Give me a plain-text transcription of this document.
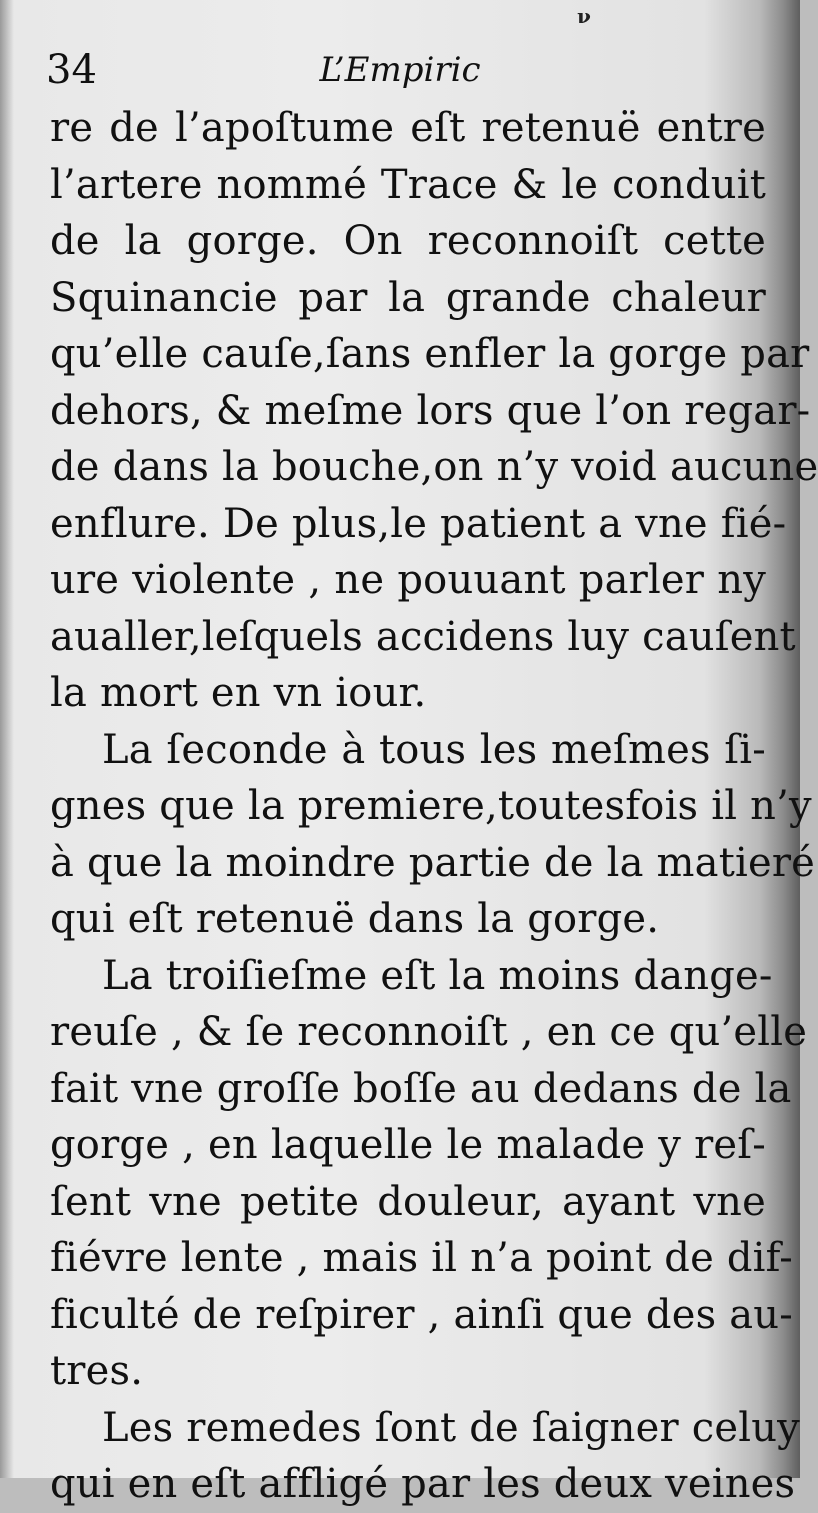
ν
34	L’Empiric
re de l’apoſtume eſt retenuë entre
l’artere nommé Trace & le conduit
de la gorge. On reconnoiſt cette
Squinancie par la grande chaleur
qu’elle cauſe,ſans enfler la gorge par
dehors, & meſme lors que l’on regar-
de dans la bouche,on n’y void aucune
enflure. De plus,le patient a vne fié-
ure violente , ne pouuant parler ny
aualler,leſquels accidens luy cauſent
la mort en vn iour.
La ſeconde à tous les meſmes ſi-
gnes que la premiere,toutesfois il n’y
à que la moindre partie de la matieré
qui eſt retenuë dans la gorge.
La troiſieſme eſt la moins dange-
reuſe , & ſe reconnoiſt , en ce qu’elle
fait vne groſſe boſſe au dedans de la
gorge , en laquelle le malade y reſ-
ſent vne petite douleur, ayant vne
fiévre lente , mais il n’a point de dif-
ficulté de reſpirer , ainſi que des au-
tres.
Les remedes ſont de ſaigner celuy
qui en eſt affligé par les deux veines
